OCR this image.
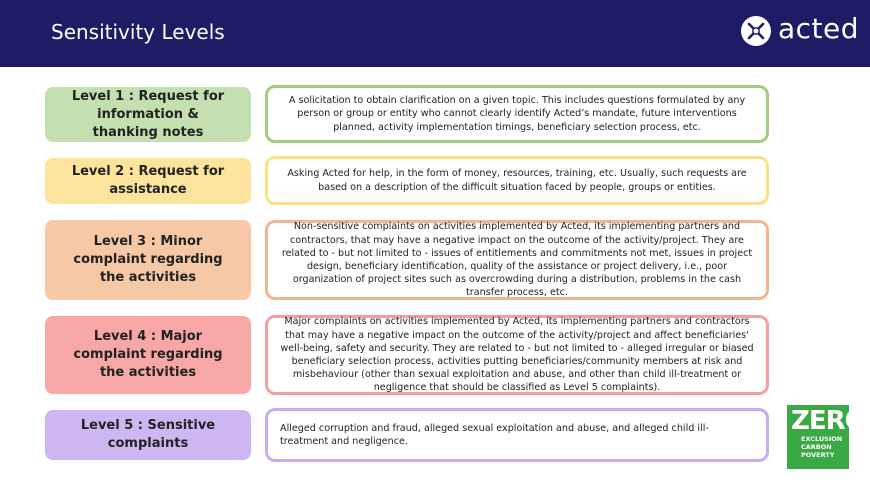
Sensitivity Levels	acted
Level 1 : Request for information & thanking notes
A solicitation to obtain clarification on a given topic. This includes questions formulated by any person or group or entity who cannot clearly identify Acted’s mandate, future interventions planned, activity implementation timings, beneficiary selection process, etc.
Level 2 : Request for assistance
Asking Acted for help, in the form of money, resources, training, etc. Usually, such requests are based on a description of the difficult situation faced by people, groups or entities.
Level 3 : Minor complaint regarding the activities
Non-sensitive complaints on activities implemented by Acted, its implementing partners and contractors, that may have a negative impact on the outcome of the activity/project. They are related to - but not limited to - issues of entitlements and commitments not met, issues in project design, beneficiary identification, quality of the assistance or project delivery, i.e., poor organization of project sites such as overcrowding during a distribution, problems in the cash transfer process, etc.
Level 4 : Major complaint regarding the activities
Major complaints on activities implemented by Acted, its implementing partners and contractors that may have a negative impact on the outcome of the activity/project and affect beneficiaries' well-being, safety and security. They are related to - but not limited to - alleged irregular or biased beneficiary selection process, activities putting beneficiaries/community members at risk and misbehaviour (other than sexual exploitation and abuse, and other than child ill-treatment or negligence that should be classified as Level 5 complaints).
Level 5 : Sensitive complaints
Alleged corruption and fraud, alleged sexual exploitation and abuse, and alleged child ill-treatment and negligence.
ZERO
EXCLUSION
CARBON
POVERTY
